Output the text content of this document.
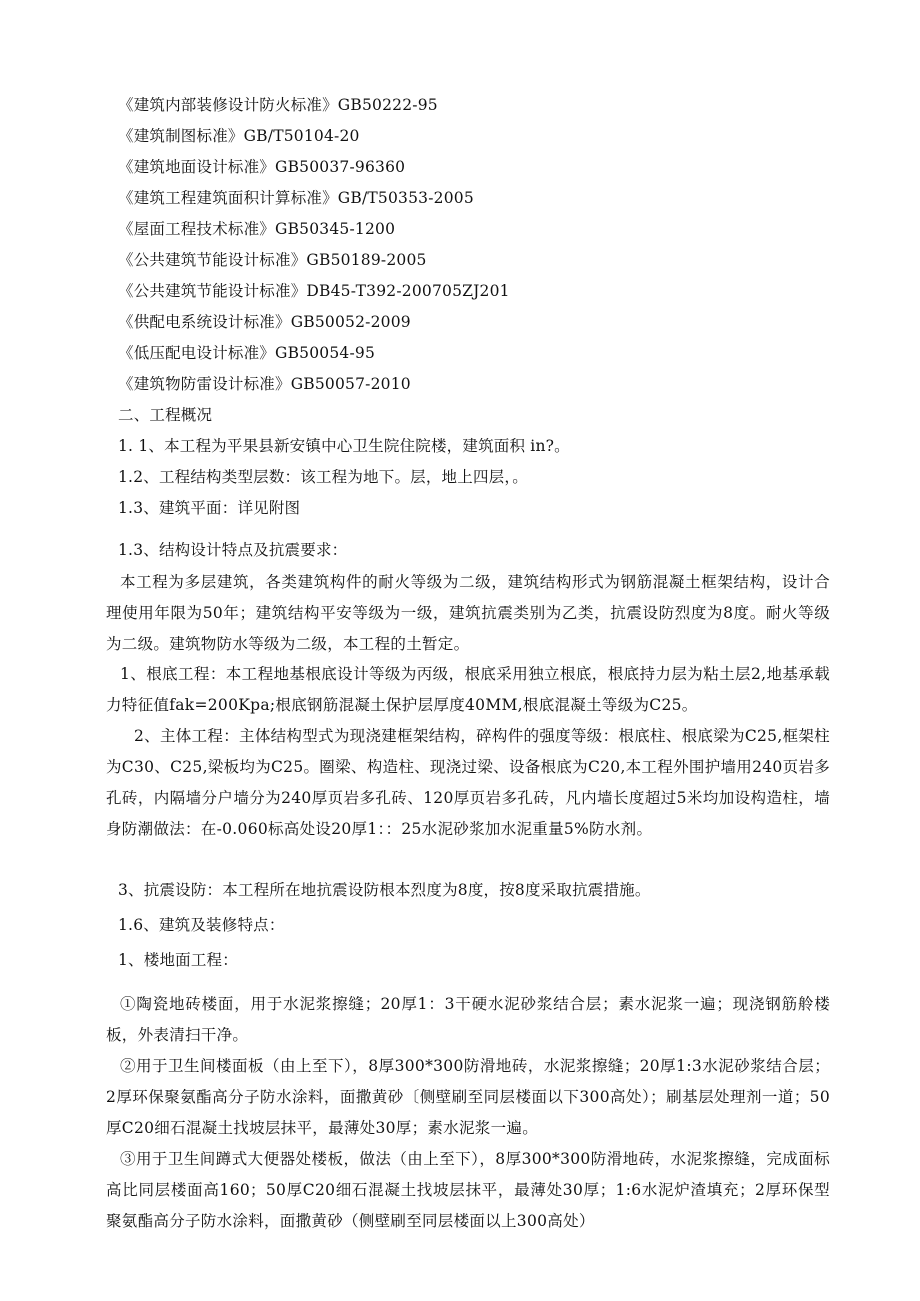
《建筑内部装修设计防火标准》GB50222-95
《建筑制图标准》GB/T50104-20
《建筑地面设计标准》GB50037-96360
《建筑工程建筑面积计算标准》GB/T50353-2005
《屋面工程技术标准》GB50345-1200
《公共建筑节能设计标准》GB50189-2005
《公共建筑节能设计标准》DB45-T392-200705ZJ201
《供配电系统设计标准》GB50052-2009
《低压配电设计标准》GB50054-95
《建筑物防雷设计标准》GB50057-2010
二、工程概况
1. 1、本工程为平果县新安镇中心卫生院住院楼，建筑面积 in?。
1.2、工程结构类型层数：该工程为地下。层，地上四层，。
1.3、建筑平面：详见附图
1.3、结构设计特点及抗震要求：
本工程为多层建筑，各类建筑构件的耐火等级为二级，建筑结构形式为钢筋混凝土框架结构，设计合理使用年限为50年；建筑结构平安等级为一级，建筑抗震类别为乙类，抗震设防烈度为8度。耐火等级为二级。建筑物防水等级为二级，本工程的土暂定。
1、根底工程：本工程地基根底设计等级为丙级，根底采用独立根底，根底持力层为粘土层2,地基承载力特征值fak=200Kpa;根底钢筋混凝土保护层厚度40MM,根底混凝土等级为C25。
2、主体工程：主体结构型式为现浇建框架结构，碎构件的强度等级：根底柱、根底梁为C25,框架柱为C30、C25,梁板均为C25。圈梁、构造柱、现浇过梁、设备根底为C20,本工程外围护墙用240页岩多孔砖，内隔墙分户墙分为240厚页岩多孔砖、120厚页岩多孔砖，凡内墙长度超过5米均加设构造柱，墙身防潮做法：在-0.060标高处设20厚1：：25水泥砂浆加水泥重量5%防水剂。
3、抗震设防：本工程所在地抗震设防根本烈度为8度，按8度采取抗震措施。
1.6、建筑及装修特点：
1、楼地面工程：
①陶瓷地砖楼面，用于水泥浆擦缝；20厚1：3干硬水泥砂浆结合层；素水泥浆一遍；现浇钢筋舲楼板，外表清扫干净。
②用于卫生间楼面板（由上至下），8厚300*300防滑地砖，水泥浆擦缝；20厚1:3水泥砂浆结合层；2厚环保聚氨酯高分子防水涂料，面撒黄砂〔侧壁刷至同层楼面以下300高处）；刷基层处理剂一道；50厚C20细石混凝土找坡层抹平，最薄处30厚；素水泥浆一遍。
③用于卫生间蹲式大便器处楼板，做法（由上至下），8厚300*300防滑地砖，水泥浆擦缝，完成面标高比同层楼面高160；50厚C20细石混凝土找坡层抹平，最薄处30厚；1:6水泥炉渣填充；2厚环保型聚氨酯高分子防水涂料，面撒黄砂（侧壁刷至同层楼面以上300高处）
